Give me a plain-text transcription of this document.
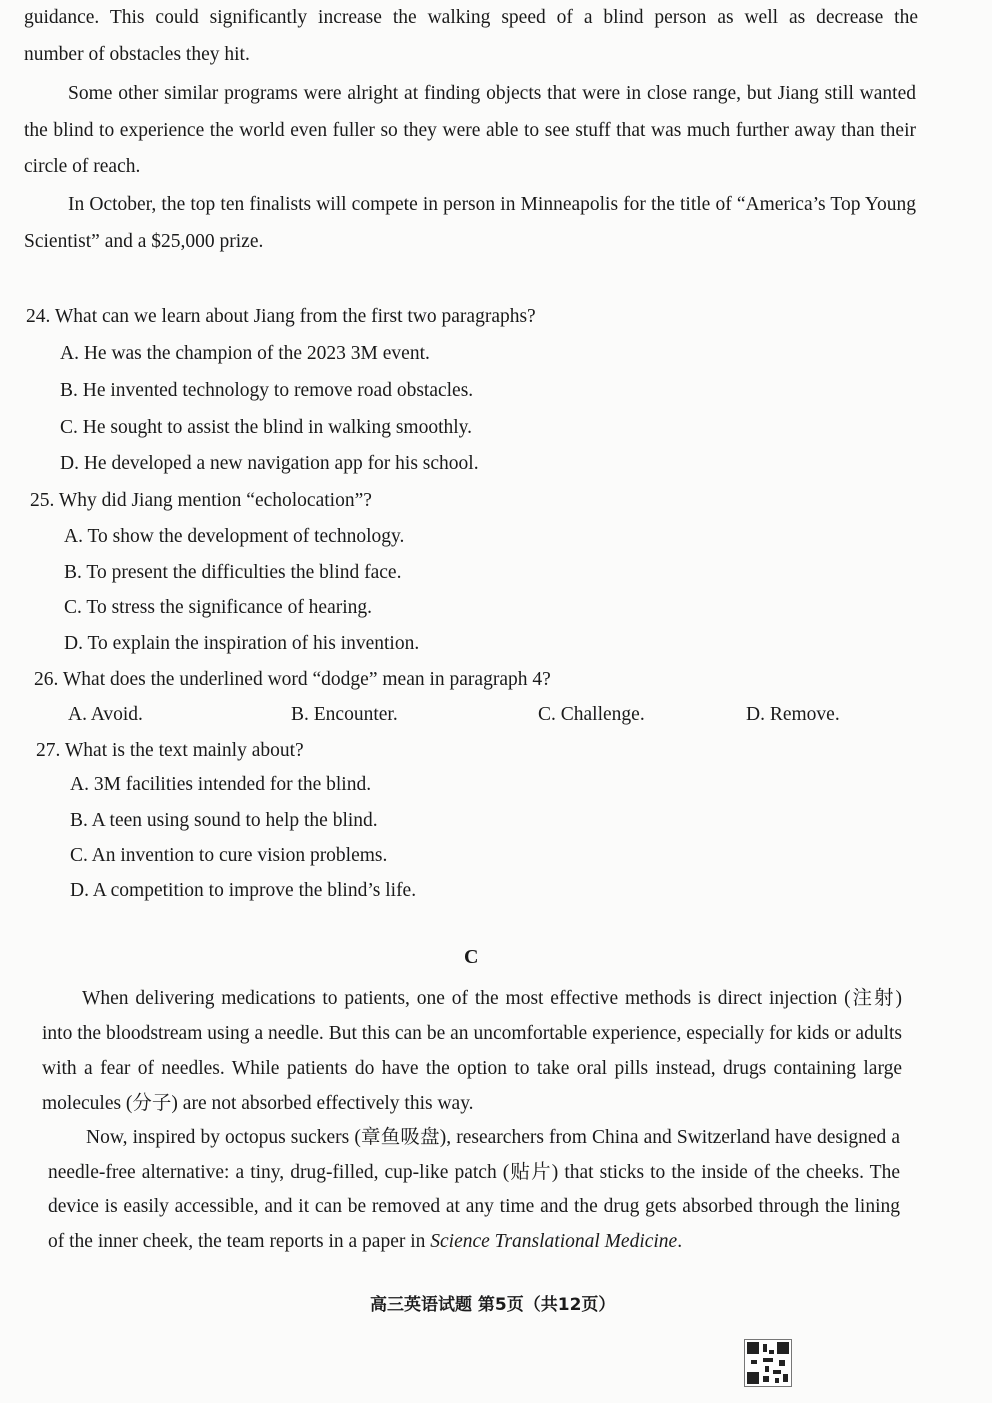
guidance. This could significantly increase the walking speed of a blind person as well as decrease the

number of obstacles they hit.

Some other similar programs were alright at finding objects that were in close range, but Jiang still wanted the blind to experience the world even fuller so they were able to see stuff that was much further away than their circle of reach.

In October, the top ten finalists will compete in person in Minneapolis for the title of “America’s Top Young Scientist” and a $25,000 prize.

24. What can we learn about Jiang from the first two paragraphs?
A. He was the champion of the 2023 3M event.
B. He invented technology to remove road obstacles.
C. He sought to assist the blind in walking smoothly.
D. He developed a new navigation app for his school.
25. Why did Jiang mention “echolocation”?
A. To show the development of technology.
B. To present the difficulties the blind face.
C. To stress the significance of hearing.
D. To explain the inspiration of his invention.
26. What does the underlined word “dodge” mean in paragraph 4?
A. Avoid.	B. Encounter.	C. Challenge.	D. Remove.
27. What is the text mainly about?
A. 3M facilities intended for the blind.
B. A teen using sound to help the blind.
C. An invention to cure vision problems.
D. A competition to improve the blind’s life.
C

When delivering medications to patients, one of the most effective methods is direct injection (注射) into the bloodstream using a needle. But this can be an uncomfortable experience, especially for kids or adults with a fear of needles. While patients do have the option to take oral pills instead, drugs containing large molecules (分子) are not absorbed effectively this way.

Now, inspired by octopus suckers (章鱼吸盘), researchers from China and Switzerland have designed a needle-free alternative: a tiny, drug-filled, cup-like patch (贴片) that sticks to the inside of the cheeks. The device is easily accessible, and it can be removed at any time and the drug gets absorbed through the lining of the inner cheek, the team reports in a paper in Science Translational Medicine.

高三英语试题 第5页（共12页）
